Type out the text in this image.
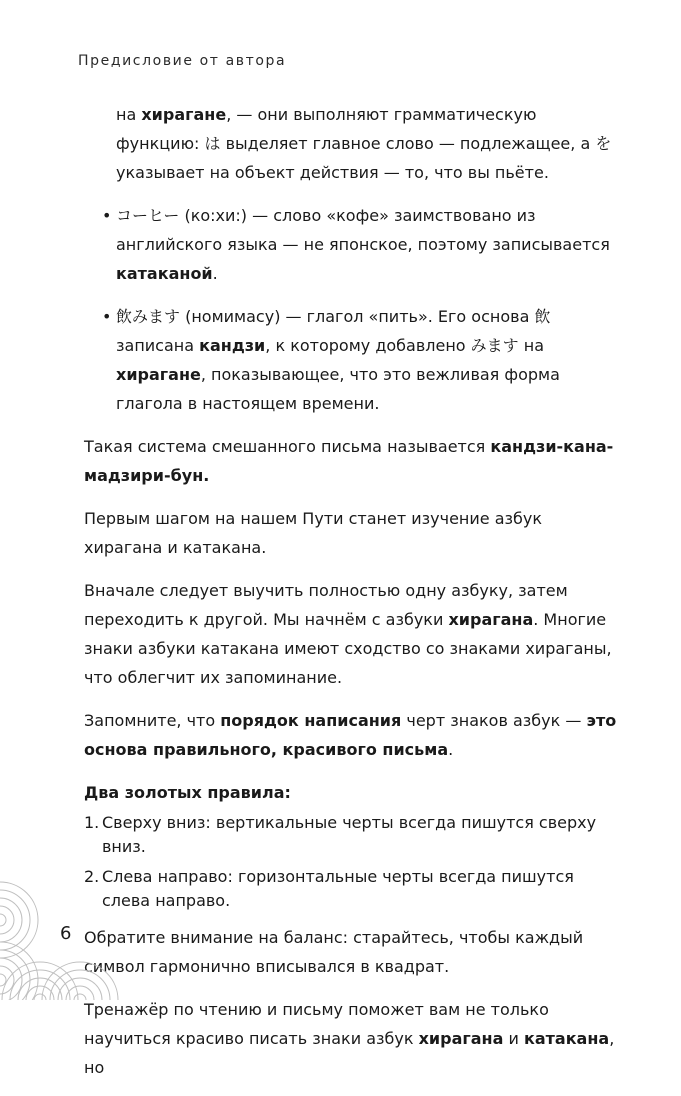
Предисловие от автора

на хирагане, — они выполняют грамматическую функцию: は выделяет главное слово — подлежащее, а を указывает на объект действия — то, что вы пьёте.

• コーヒー (ко:хи:) — слово «кофе» заимствовано из английского языка — не японское, поэтому записывается катаканой.

• 飲みます (номимасу) — глагол «пить». Его основа 飲 записана кандзи, к которому добавлено みます на хирагане, показывающее, что это вежливая форма глагола в настоящем времени.

Такая система смешанного письма называется кандзи-кана-мадзири-бун.

Первым шагом на нашем Пути станет изучение азбук хирагана и катакана.

Вначале следует выучить полностью одну азбуку, затем переходить к другой. Мы начнём с азбуки хирагана. Многие знаки азбуки катакана имеют сходство со знаками хираганы, что облегчит их запоминание.

Запомните, что порядок написания черт знаков азбук — это основа правильного, красивого письма.

Два золотых правила:

1. Сверху вниз: вертикальные черты всегда пишутся сверху вниз.
2. Слева направо: горизонтальные черты всегда пишутся слева направо.

Обратите внимание на баланс: старайтесь, чтобы каждый символ гармонично вписывался в квадрат.

Тренажёр по чтению и письму поможет вам не только научиться красиво писать знаки азбук хирагана и катакана, но

6
